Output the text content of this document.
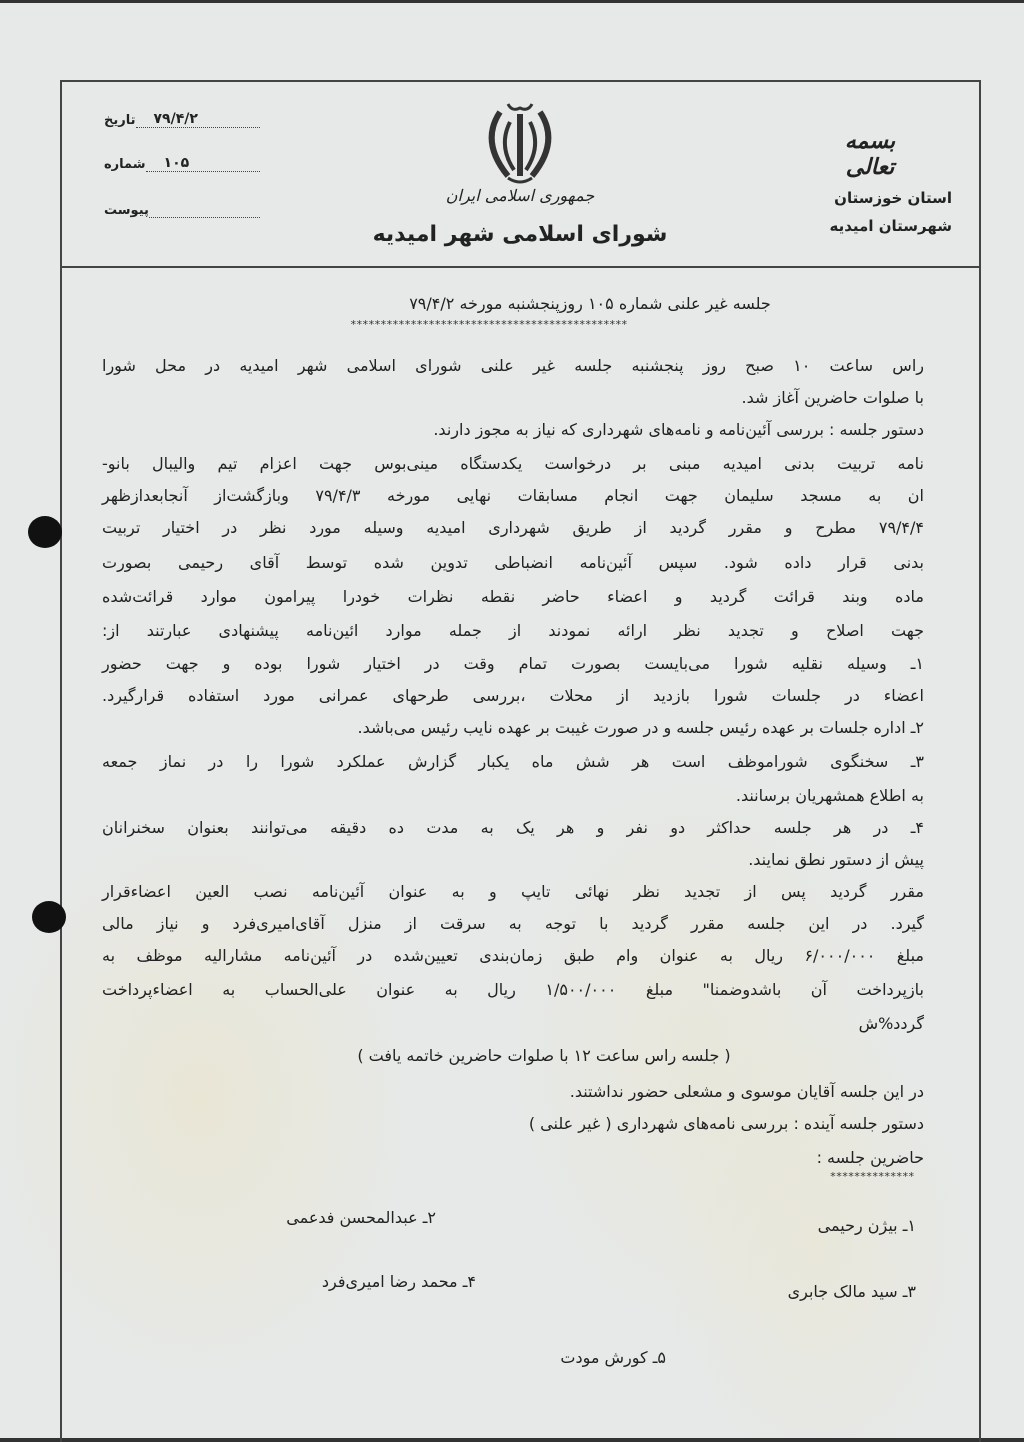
تاریخ	۷۹/۴/۲
شماره	۱۰۵
پیوست
جمهوری اسلامی ایران
شورای اسلامی شهر امیدیه
بسمه تعالی
استان خوزستان
شهرستان امیدیه
جلسه غیر علنی شماره ۱۰۵ روزپنجشنبه مورخه ۷۹/۴/۲
**********************************************
راس ساعت ۱۰ صبح روز پنجشنبه جلسه غیر علنی شورای اسلامی شهر امیدیه در محل شورا
با صلوات حاضرین آغاز شد.
دستور جلسه : بررسی آئین‌نامه و نامه‌های شهرداری که نیاز به مجوز دارند.
نامه تربیت بدنی امیدیه مبنی بر درخواست یکدستگاه مینی‌بوس جهت اعزام تیم والیبال بانو-
ان به مسجد سلیمان جهت انجام مسابقات نهایی مورخه ۷۹/۴/۳ وبازگشت‌از آنجابعدازظهر
۷۹/۴/۴ مطرح و مقرر گردید از طریق شهرداری امیدیه وسیله مورد نظر در اختیار تربیت
بدنی قرار داده شود. سپس آئین‌نامه انضباطی تدوین شده توسط آقای رحیمی بصورت
ماده وبند قرائت گردید و اعضاء حاضر نقطه نظرات خودرا پیرامون موارد قرائت‌شده
جهت اصلاح و تجدید نظر ارائه نمودند از جمله موارد ائین‌نامه پیشنهادی عبارتند از:
۱ـ وسیله نقلیه شورا می‌بایست بصورت تمام وقت در اختیار شورا بوده و جهت حضور
اعضاء در جلسات شورا بازدید از محلات ،بررسی طرحهای عمرانی مورد استفاده قرارگیرد.
۲ـ اداره جلسات بر عهده رئیس جلسه و در صورت غیبت بر عهده نایب رئیس می‌باشد.
۳ـ سخنگوی شوراموظف است هر شش ماه یکبار گزارش عملکرد شورا را در نماز جمعه
به اطلاع همشهریان برسانند.
۴ـ در هر جلسه حداکثر دو نفر و هر یک به مدت ده دقیقه می‌توانند بعنوان سخنرانان
پیش از دستور نطق نمایند.
مقرر گردید پس از تجدید نظر نهائی تایپ و به عنوان آئین‌نامه نصب العین اعضاءقرار
گیرد. در این جلسه مقرر گردید با توجه به سرقت از منزل آقای‌امیری‌فرد و نیاز مالی
مبلغ ۶/۰۰۰/۰۰۰ ریال به عنوان وام طبق زمان‌بندی تعیین‌شده در آئین‌نامه مشارالیه موظف به
بازپرداخت آن باشدوضمنا" مبلغ ۱/۵۰۰/۰۰۰ ریال به عنوان علی‌الحساب به اعضاءپرداخت
گردد%ش
( جلسه راس ساعت ۱۲ با صلوات حاضرین خاتمه یافت )
در این جلسه آقایان موسوی و مشعلی حضور نداشتند.
دستور جلسه آینده : بررسی نامه‌های شهرداری ( غیر علنی )
حاضرین جلسه :
**************
۱ـ بیژن رحیمی
۲ـ عبدالمحسن فدعمی
۳ـ سید مالک جابری
۴ـ محمد رضا امیری‌فرد
۵ـ کورش مودت
